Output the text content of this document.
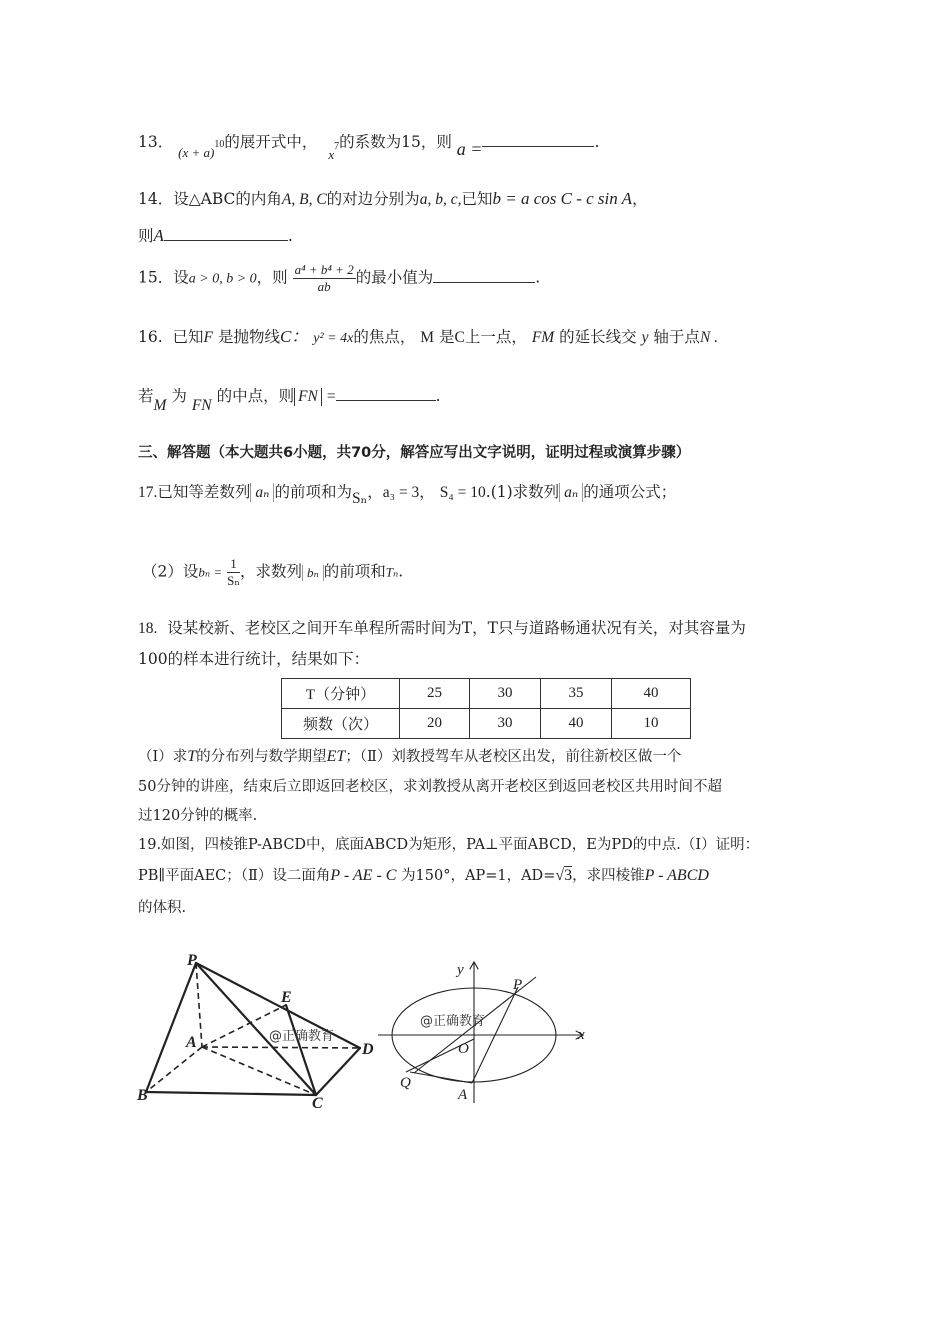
13． $_{(x + a)}$10的展开式中， $_x$7的系数为15，则 a =	.
14．设△ABC的内角A, B, C的对边分别为a, b, c,已知b = a cos C - c sin A，
则A	.
15．设a > 0, b > 0，则 $\frac{\text{a⁴ + b⁴ + 2}}{ab}$ 的最小值为	.
16. 已知F 是抛物线C： y² = 4x的焦点， M 是C上一点， FM 的延长线交 y 轴于点N .
若M 为 FN 的中点，则 FN =	.
三、解答题（本大题共6小题，共70分，解答应写出文字说明，证明过程或演算步骤）
17.已知等差数列 aₙ 的前项和为Sₙ，a₃ = 3， S₄ = 10.(1)求数列 aₙ 的通项公式；
（2）设$b_n = \frac{1}{\text{Sₙ}}$ ，求数列 bₙ 的前项和Tₙ.
18. 设某校新、老校区之间开车单程所需时间为T，T只与道路畅通状况有关，对其容量为
100的样本进行统计，结果如下：
T（分钟）	25	30	35	40
频数（次）	20	30	40	10
（Ⅰ）求T的分布列与数学期望ET；（Ⅱ）刘教授驾车从老校区出发，前往新校区做一个
50分钟的讲座，结束后立即返回老校区，求刘教授从离开老校区到返回老校区共用时间不超
过120分钟的概率.
19.如图，四棱锥P-ABCD中，底面ABCD为矩形，PA⊥平面ABCD，E为PD的中点.（Ⅰ）证明：
PB∥平面AEC；（Ⅱ）设二面角P - AE - C 为150°，AP=1，AD=√3，求四棱锥P - ABCD
的体积.
P
E
A	D
B	C
@正确教育
y
P
x
O
Q
A
@正确教育
